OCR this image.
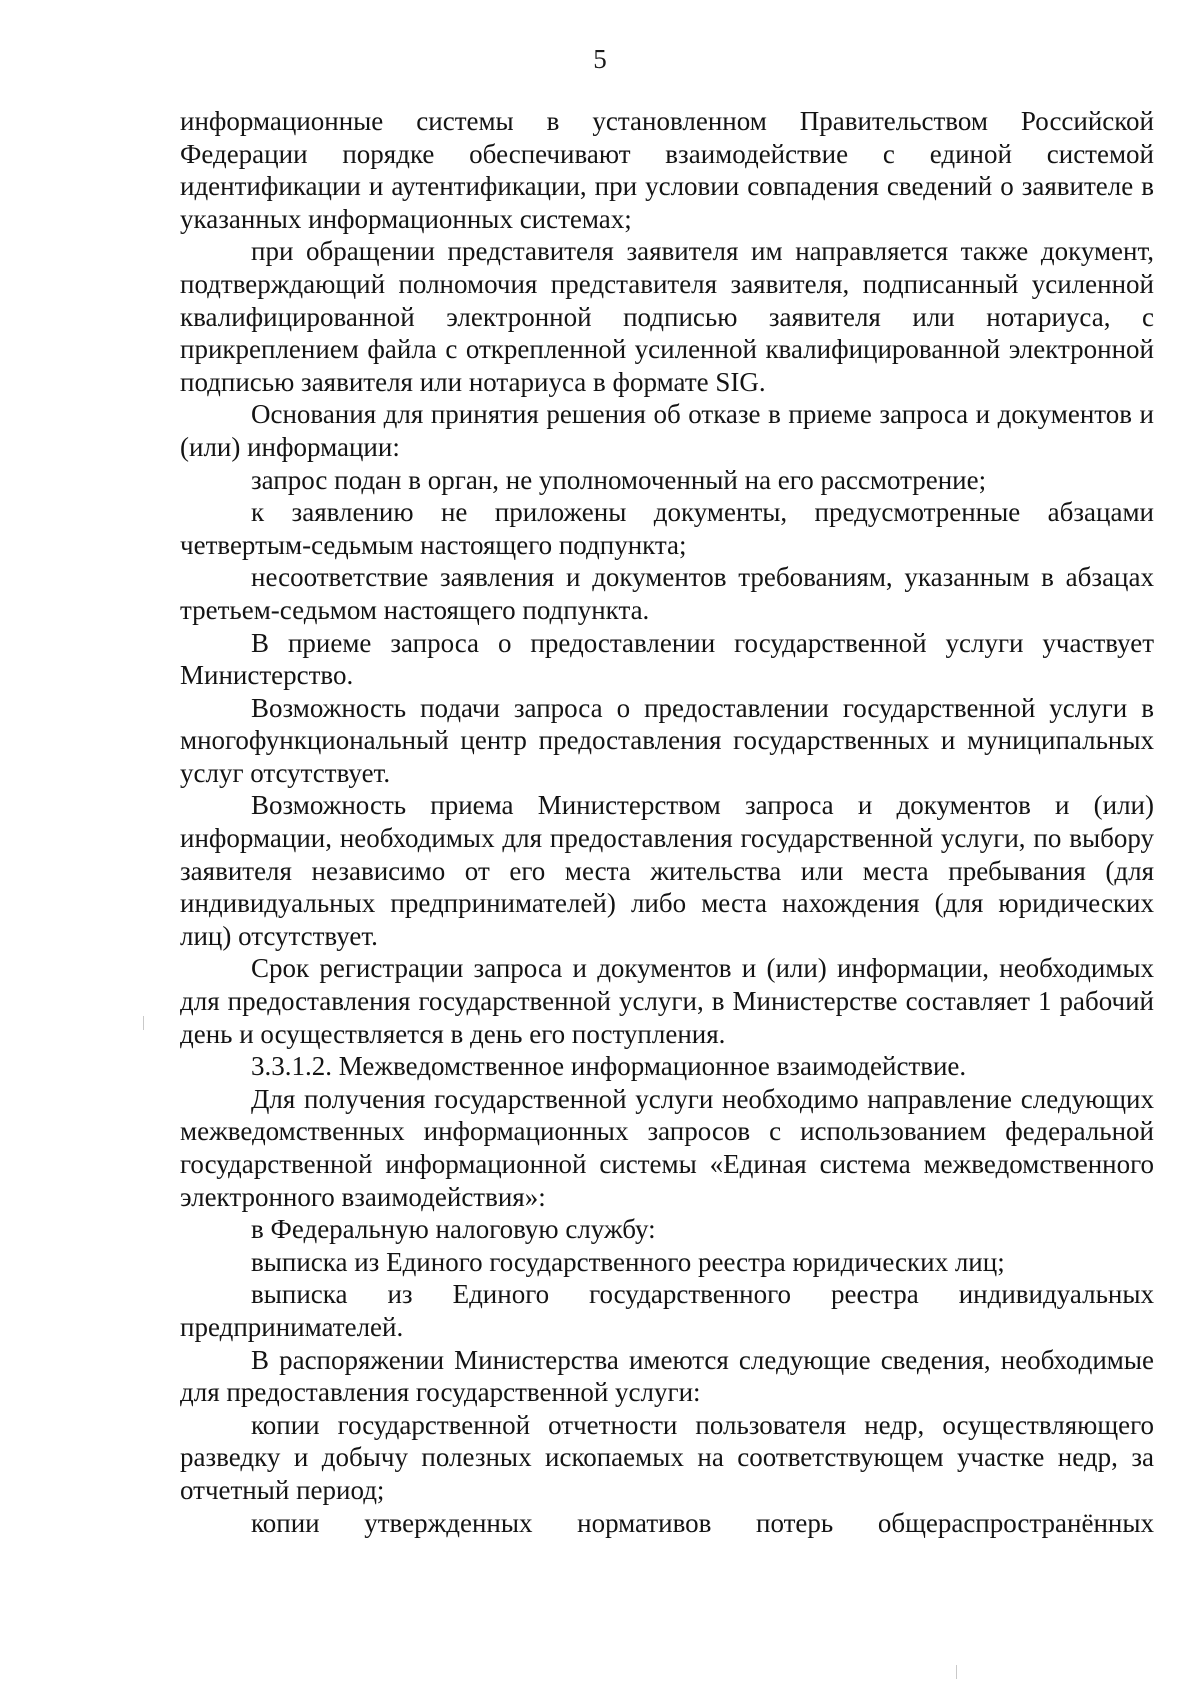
5

информационные системы в установленном Правительством Российской Федерации порядке обеспечивают взаимодействие с единой системой идентификации и аутентификации, при условии совпадения сведений о заявителе в указанных информационных системах;

при обращении представителя заявителя им направляется также документ, подтверждающий полномочия представителя заявителя, подписанный усиленной квалифицированной электронной подписью заявителя или нотариуса, с прикреплением файла с открепленной усиленной квалифицированной электронной подписью заявителя или нотариуса в формате SIG.

Основания для принятия решения об отказе в приеме запроса и документов и (или) информации:

запрос подан в орган, не уполномоченный на его рассмотрение;

к заявлению не приложены документы, предусмотренные абзацами четвертым-седьмым настоящего подпункта;

несоответствие заявления и документов требованиям, указанным в абзацах третьем-седьмом настоящего подпункта.

В приеме запроса о предоставлении государственной услуги участвует Министерство.

Возможность подачи запроса о предоставлении государственной услуги в многофункциональный центр предоставления государственных и муниципальных услуг отсутствует.

Возможность приема Министерством запроса и документов и (или) информации, необходимых для предоставления государственной услуги, по выбору заявителя независимо от его места жительства или места пребывания (для индивидуальных предпринимателей) либо места нахождения (для юридических лиц) отсутствует.

Срок регистрации запроса и документов и (или) информации, необходимых для предоставления государственной услуги, в Министерстве составляет 1 рабочий день и осуществляется в день его поступления.

3.3.1.2. Межведомственное информационное взаимодействие.

Для получения государственной услуги необходимо направление следующих межведомственных информационных запросов с использованием федеральной государственной информационной системы «Единая система межведомственного электронного взаимодействия»:

в Федеральную налоговую службу:

выписка из Единого государственного реестра юридических лиц;

выписка из Единого государственного реестра индивидуальных предпринимателей.

В распоряжении Министерства имеются следующие сведения, необходимые для предоставления государственной услуги:

копии государственной отчетности пользователя недр, осуществляющего разведку и добычу полезных ископаемых на соответствующем участке недр, за отчетный период;

копии утвержденных нормативов потерь общераспространённых
